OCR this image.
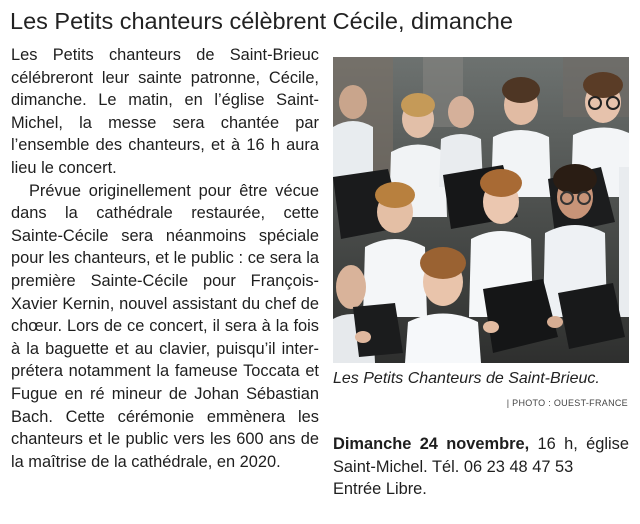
Les Petits chanteurs célèbrent Cécile, dimanche

Les Petits chanteurs de Saint-Brieuc célébreront leur sainte patronne, Cécile, dimanche. Le matin, en l’église Saint-Michel, la messe sera chantée par l’ensemble des chanteurs, et à 16 h aura lieu le concert.

Prévue originellement pour être vécue dans la cathédrale restaurée, cette Sainte-Cécile sera néanmoins spéciale pour les chanteurs, et le public : ce sera la première Sainte-Cécile pour François-Xavier Kernin, nouvel assistant du chef de chœur. Lors de ce concert, il sera à la fois à la baguette et au clavier, puisqu’il interprétera notamment la fameuse Toccata et Fugue en ré mineur de Johan Sébastian Bach. Cette cérémonie emmènera les chanteurs et le public vers les 600 ans de la maîtrise de la cathédrale, en 2020.

Les Petits Chanteurs de Saint-Brieuc.
| PHOTO : OUEST-FRANCE
Dimanche 24 novembre, 16 h, église Saint-Michel. Tél. 06 23 48 47 53
Entrée Libre.
